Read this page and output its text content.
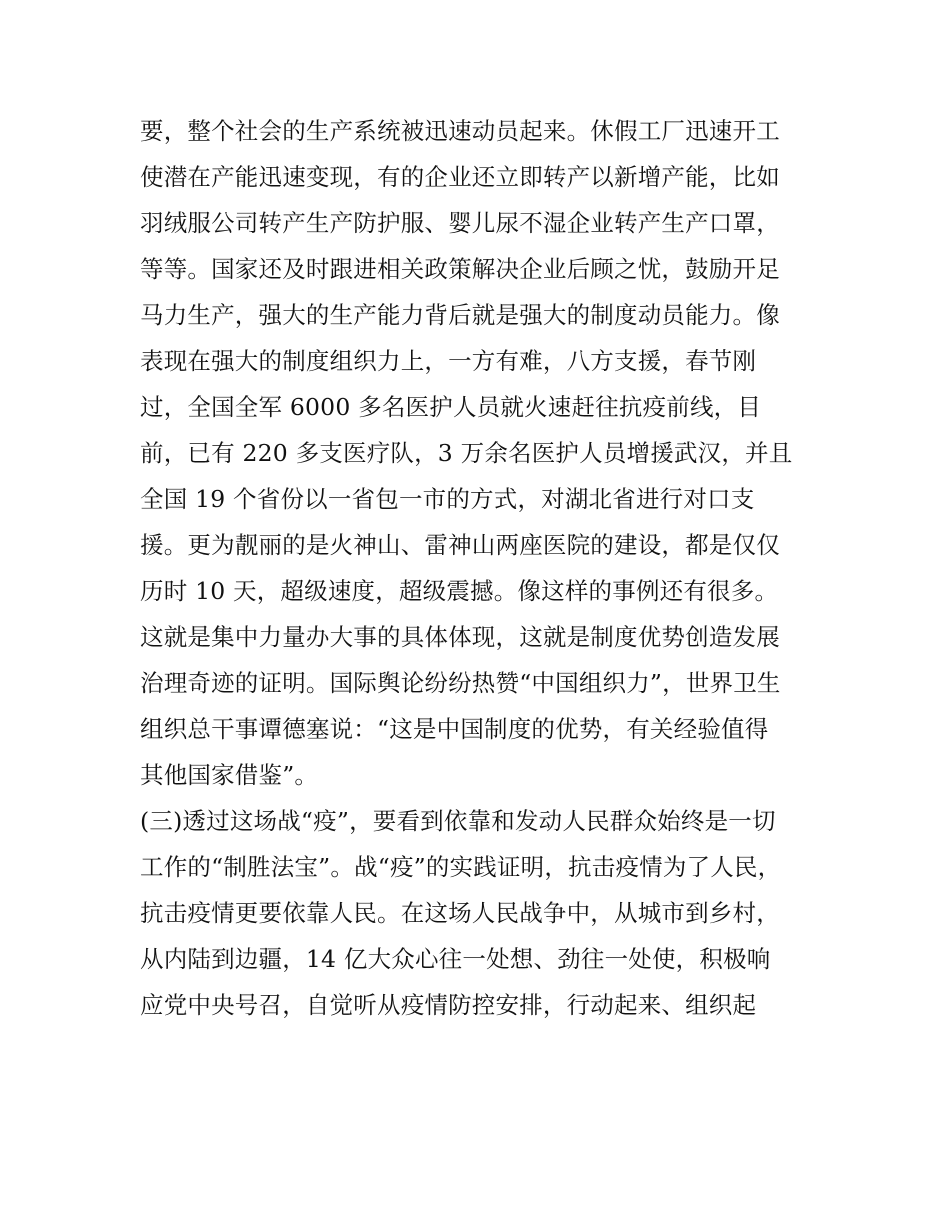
要，整个社会的生产系统被迅速动员起来。休假工厂迅速开工
使潜在产能迅速变现，有的企业还立即转产以新增产能，比如
羽绒服公司转产生产防护服、婴儿尿不湿企业转产生产口罩，
等等。国家还及时跟进相关政策解决企业后顾之忧，鼓励开足
马力生产，强大的生产能力背后就是强大的制度动员能力。像
表现在强大的制度组织力上，一方有难，八方支援，春节刚
过，全国全军 6000 多名医护人员就火速赶往抗疫前线，目
前，已有 220 多支医疗队，3 万余名医护人员增援武汉，并且
全国 19 个省份以一省包一市的方式，对湖北省进行对口支
援。更为靓丽的是火神山、雷神山两座医院的建设，都是仅仅
历时 10 天，超级速度，超级震撼。像这样的事例还有很多。
这就是集中力量办大事的具体体现，这就是制度优势创造发展
治理奇迹的证明。国际舆论纷纷热赞“中国组织力”，世界卫生
组织总干事谭德塞说：“这是中国制度的优势，有关经验值得
其他国家借鉴”。
(三)透过这场战“疫”，要看到依靠和发动人民群众始终是一切
工作的“制胜法宝”。战“疫”的实践证明，抗击疫情为了人民，
抗击疫情更要依靠人民。在这场人民战争中，从城市到乡村，
从内陆到边疆，14 亿大众心往一处想、劲往一处使，积极响
应党中央号召，自觉听从疫情防控安排，行动起来、组织起
